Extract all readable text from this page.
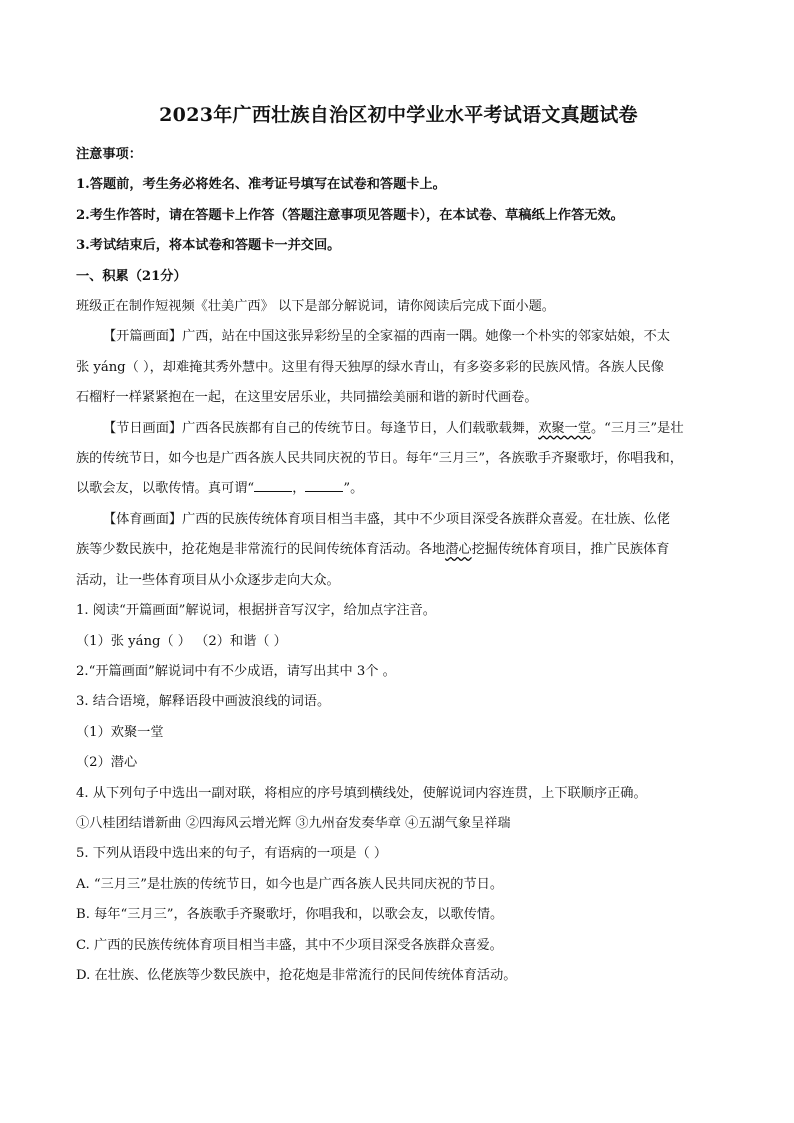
2023年广西壮族自治区初中学业水平考试语文真题试卷
注意事项：
1.答题前，考生务必将姓名、准考证号填写在试卷和答题卡上。
2.考生作答时，请在答题卡上作答（答题注意事项见答题卡），在本试卷、草稿纸上作答无效。
3.考试结束后，将本试卷和答题卡一并交回。
一、积累（21分）
班级正在制作短视频《壮美广西》 以下是部分解说词，请你阅读后完成下面小题。
【开篇画面】广西，站在中国这张异彩纷呈的全家福的西南一隅。她像一个朴实的邻家姑娘，不太
张 yáng（ ），却难掩其秀外慧中。这里有得天独厚的绿水青山，有多姿多彩的民族风情。各族人民像
石榴籽一样紧紧抱在一起，在这里安居乐业，共同描绘美丽和谐的新时代画卷。
【节日画面】广西各民族都有自己的传统节日。每逢节日，人们载歌载舞，欢聚一堂。“三月三”是壮
族的传统节日，如今也是广西各族人民共同庆祝的节日。每年“三月三”，各族歌手齐聚歌圩，你唱我和，
以歌会友，以歌传情。真可谓“	，	”。
【体育画面】广西的民族传统体育项目相当丰盛，其中不少项目深受各族群众喜爱。在壮族、仫佬
族等少数民族中，抢花炮是非常流行的民间传统体育活动。各地潜心挖掘传统体育项目，推广民族体育
活动，让一些体育项目从小众逐步走向大众。
1. 阅读“开篇画面”解说词，根据拼音写汉字，给加点字注音。
（1）张 yáng（ ） （2）和谐（ ）
2.“开篇画面”解说词中有不少成语，请写出其中 3个 。
3. 结合语境，解释语段中画波浪线的词语。
（1）欢聚一堂
（2）潜心
4. 从下列句子中选出一副对联，将相应的序号填到横线处，使解说词内容连贯，上下联顺序正确。
①八桂团结谱新曲 ②四海风云增光辉 ③九州奋发奏华章 ④五湖气象呈祥瑞
5. 下列从语段中选出来的句子，有语病的一项是（ ）
A. “三月三”是壮族的传统节日，如今也是广西各族人民共同庆祝的节日。
B. 每年“三月三”，各族歌手齐聚歌圩，你唱我和，以歌会友，以歌传情。
C. 广西的民族传统体育项目相当丰盛，其中不少项目深受各族群众喜爱。
D. 在壮族、仫佬族等少数民族中，抢花炮是非常流行的民间传统体育活动。
